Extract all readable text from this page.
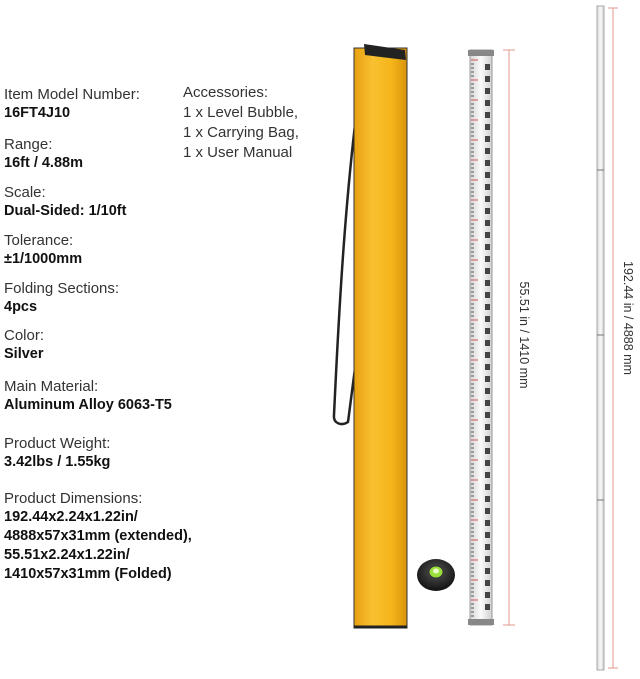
Item Model Number:
16FT4J10
Range:
16ft / 4.88m
Scale:
Dual-Sided: 1/10ft
Tolerance:
±1/1000mm
Folding Sections:
4pcs
Color:
Silver
Main Material:
Aluminum Alloy 6063-T5
Product Weight:
3.42lbs / 1.55kg
Product Dimensions:
192.44x2.24x1.22in/
4888x57x31mm (extended),
55.51x2.24x1.22in/
1410x57x31mm (Folded)
Accessories:
1 x Level Bubble,
1 x Carrying Bag,
1 x User Manual
55.51 in / 1410 mm	192.44 in / 4888 mm
